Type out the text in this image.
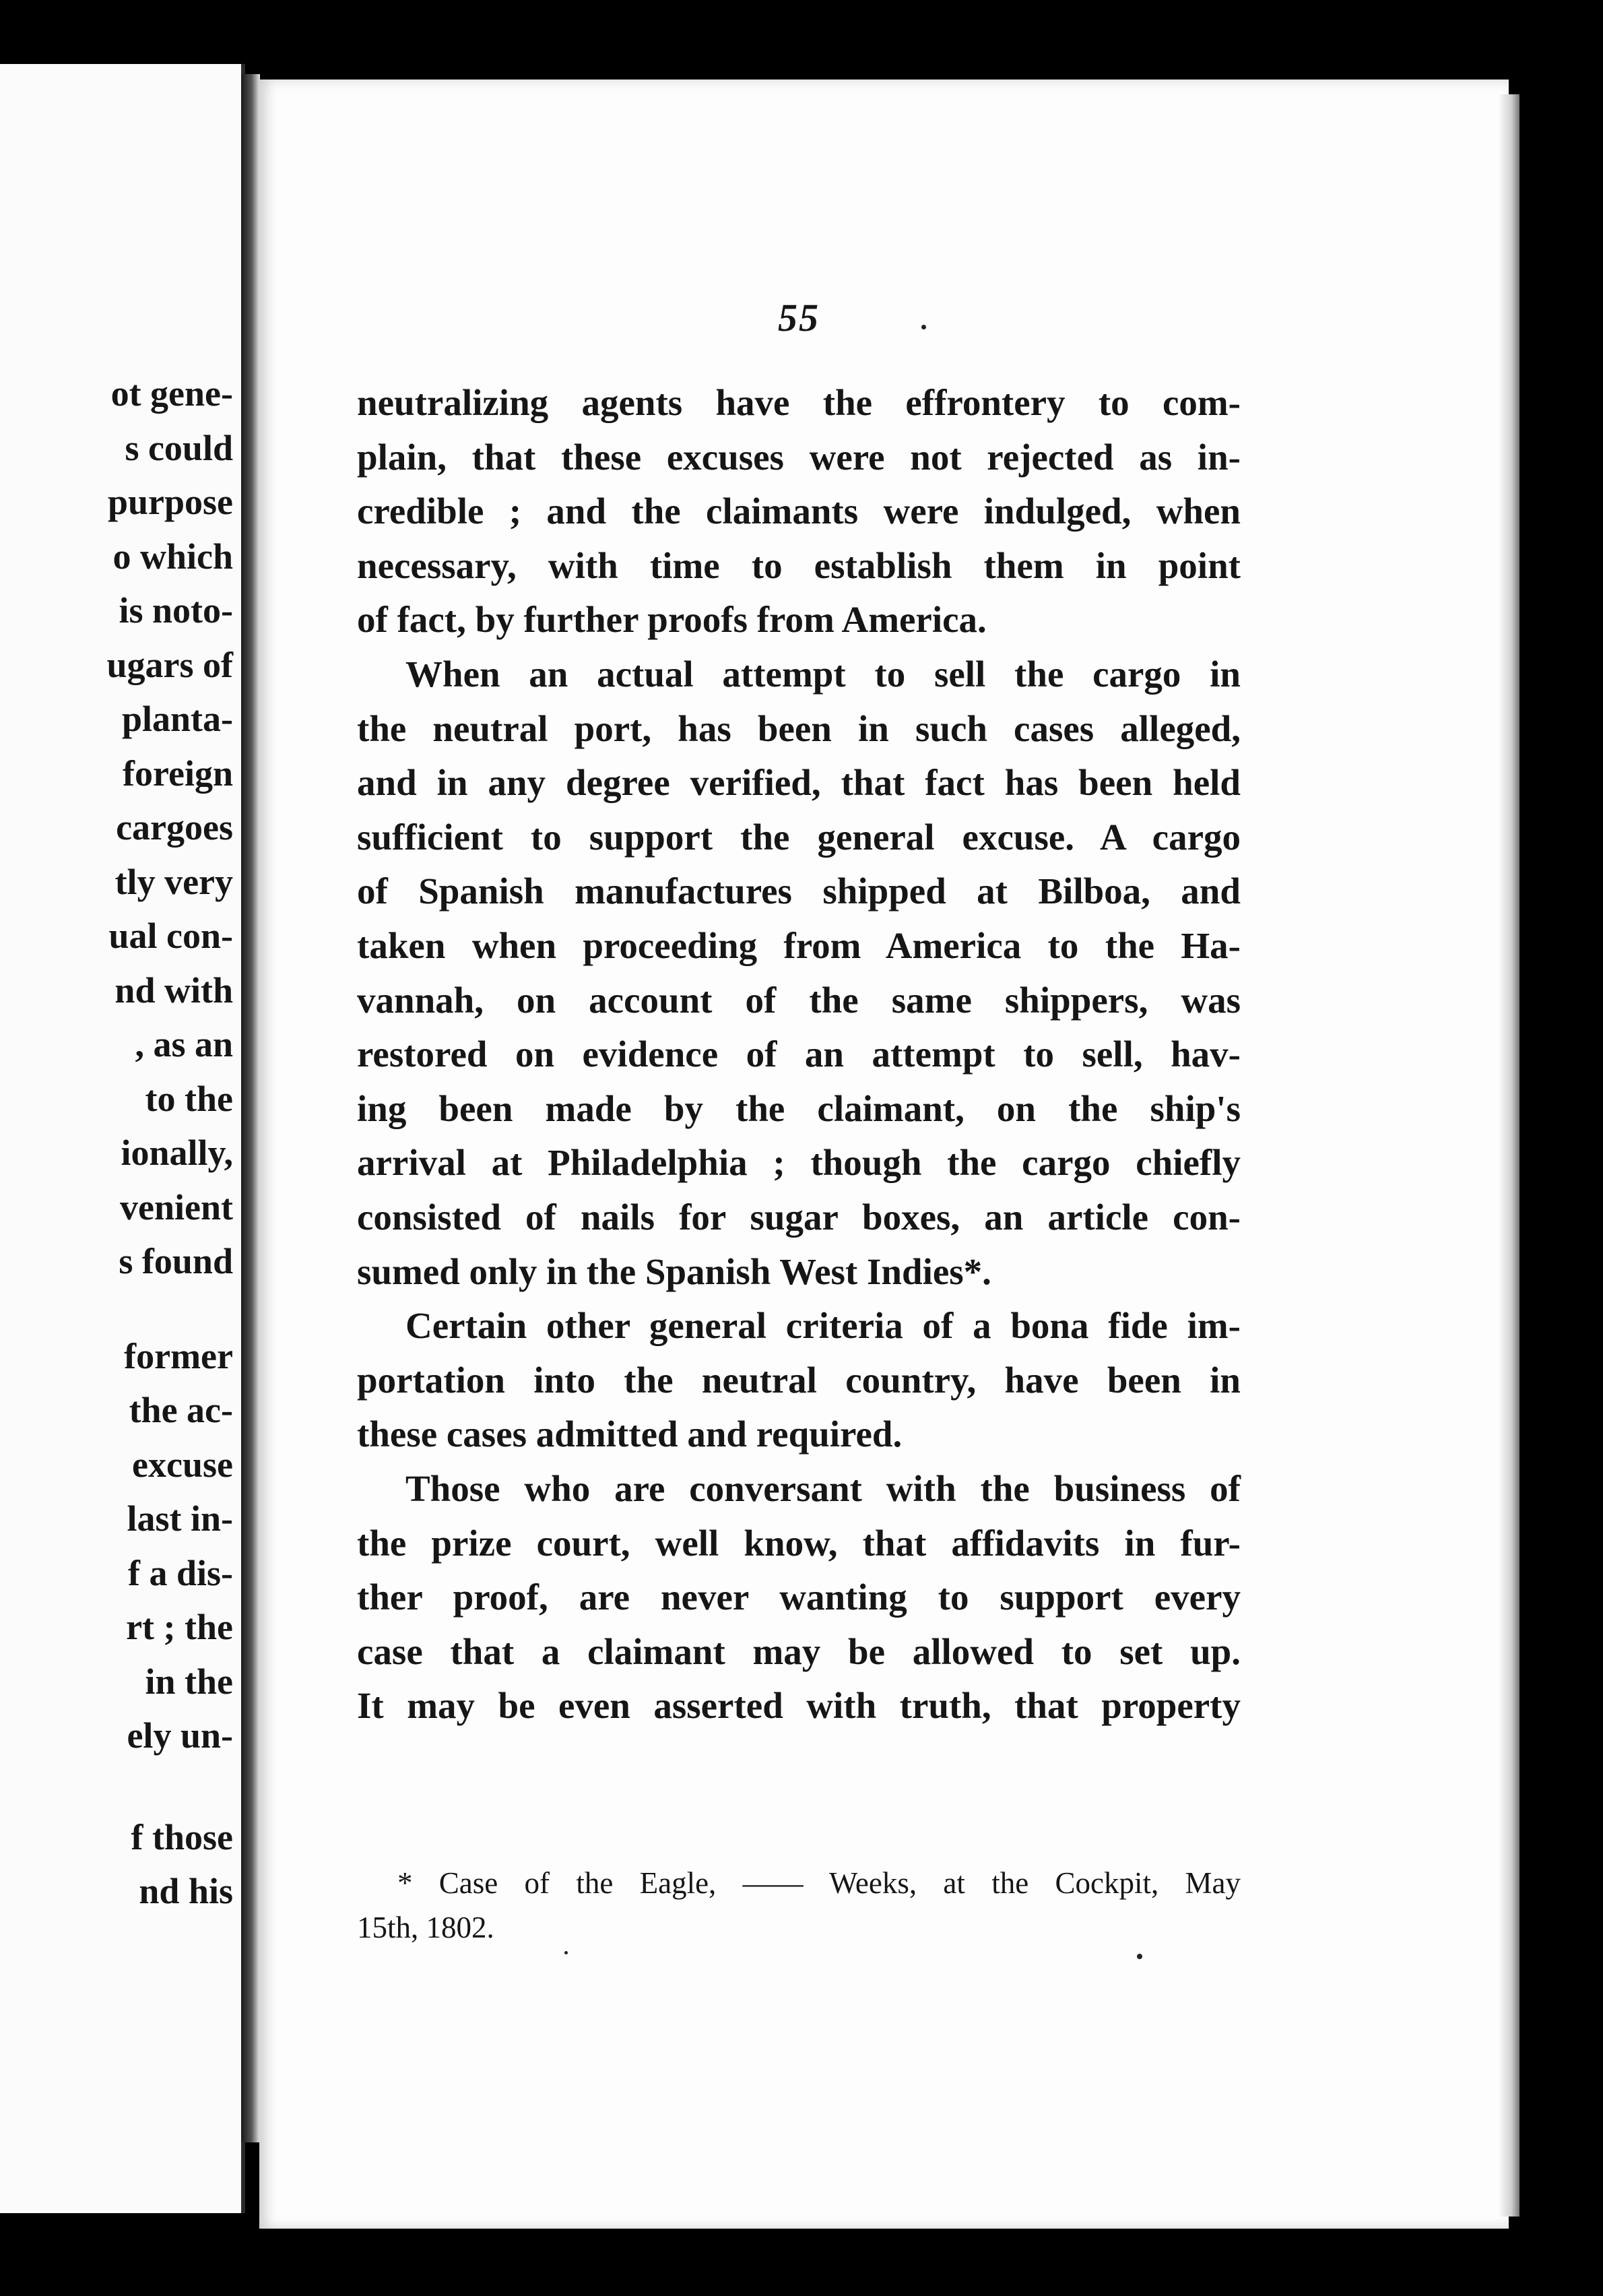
ot gene-
s could
purpose
o which
is noto-
ugars of
planta-
foreign
cargoes
tly very
ual con-
nd with
, as an
to the
ionally,
venient
s found
former
the ac-
excuse
last in-
f a dis-
rt ; the
in the
ely un-
f those
nd his
55
neutralizing agents have the effrontery to com-
plain, that these excuses were not rejected as in-
credible ; and the claimants were indulged, when
necessary, with time to establish them in point
of fact, by further proofs from America.
When an actual attempt to sell the cargo in
the neutral port, has been in such cases alleged,
and in any degree verified, that fact has been held
sufficient to support the general excuse. A cargo
of Spanish manufactures shipped at Bilboa, and
taken when proceeding from America to the Ha-
vannah, on account of the same shippers, was
restored on evidence of an attempt to sell, hav-
ing been made by the claimant, on the ship's
arrival at Philadelphia ; though the cargo chiefly
consisted of nails for sugar boxes, an article con-
sumed only in the Spanish West Indies*.
Certain other general criteria of a bona fide im-
portation into the neutral country, have been in
these cases admitted and required.
Those who are conversant with the business of
the prize court, well know, that affidavits in fur-
ther proof, are never wanting to support every
case that a claimant may be allowed to set up.
It may be even asserted with truth, that property
* Case of the Eagle, —— Weeks, at the Cockpit, May
15th, 1802.
